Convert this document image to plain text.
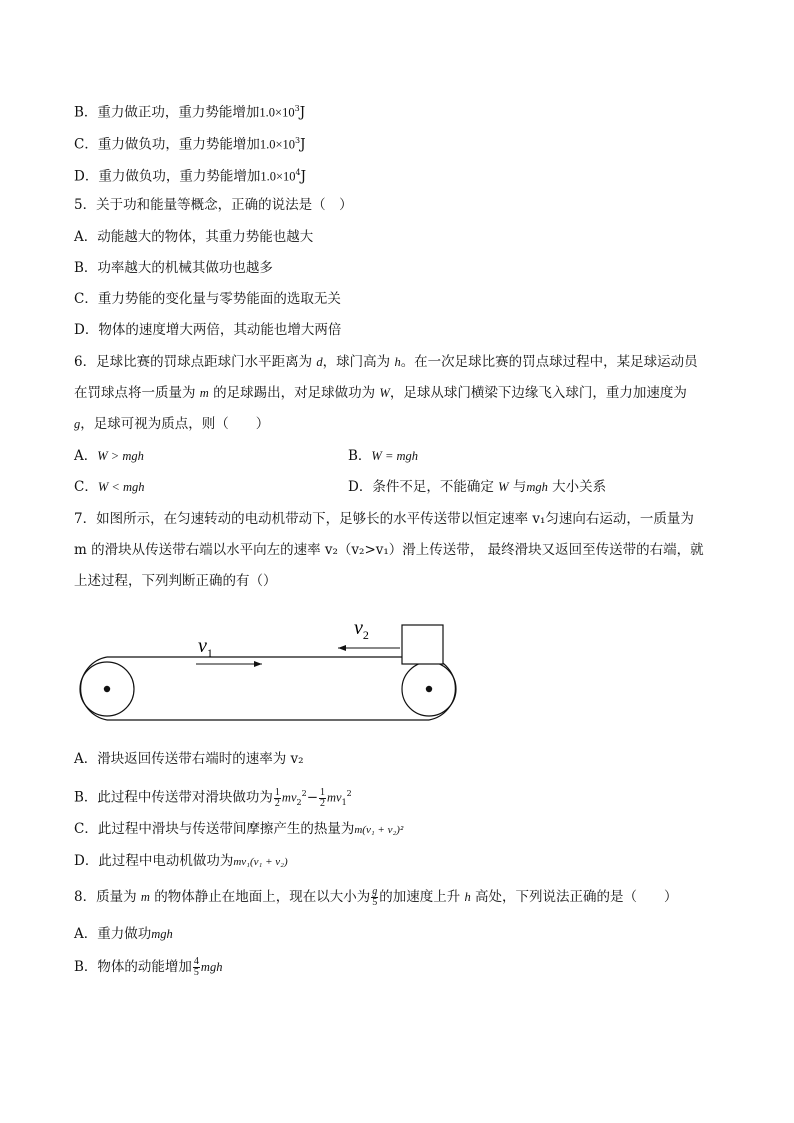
B．重力做正功，重力势能增加$1.0\times 10^3J$
C．重力做负功，重力势能增加$1.0\times 10^3J$
D．重力做负功，重力势能增加$1.0\times 10^4J$
5．关于功和能量等概念，正确的说法是（　）
A．动能越大的物体，其重力势能也越大
B．功率越大的机械其做功也越多
C．重力势能的变化量与零势能面的选取无关
D．物体的速度增大两倍，其动能也增大两倍
6．足球比赛的罚球点距球门水平距离为 d，球门高为 h。在一次足球比赛的罚点球过程中，某足球运动员
在罚球点将一质量为 m 的足球踢出，对足球做功为 W，足球从球门横梁下边缘飞入球门，重力加速度为
g，足球可视为质点，则（　　）
A．W > mgh	B．W = mgh
C．W < mgh	D．条件不足，不能确定 W 与mgh 大小关系
7．如图所示，在匀速转动的电动机带动下，足够长的水平传送带以恒定速率 v₁匀速向右运动，一质量为
m 的滑块从传送带右端以水平向左的速率 v₂（v₂>v₁）滑上传送带， 最终滑块又返回至传送带的右端，就
上述过程，下列判断正确的有（）
$v_1$
$v_2$
A．滑块返回传送带右端时的速率为 v₂
B．此过程中传送带对滑块做功为 $\frac{1}{2} mv_2^2- \frac{1}{2} mv_1^2$
C．此过程中滑块与传送带间摩擦产生的热量为m(v₁ + v₂)²
D．此过程中电动机做功为mv₁(v₁ + v₂)
8．质量为 m 的物体静止在地面上，现在以大小为 $\frac{g}{5}$ 的加速度上升 h 高处，下列说法正确的是（　　）
A．重力做功mgh
B．物体的动能增加 $\frac{4}{5}$ mgh
